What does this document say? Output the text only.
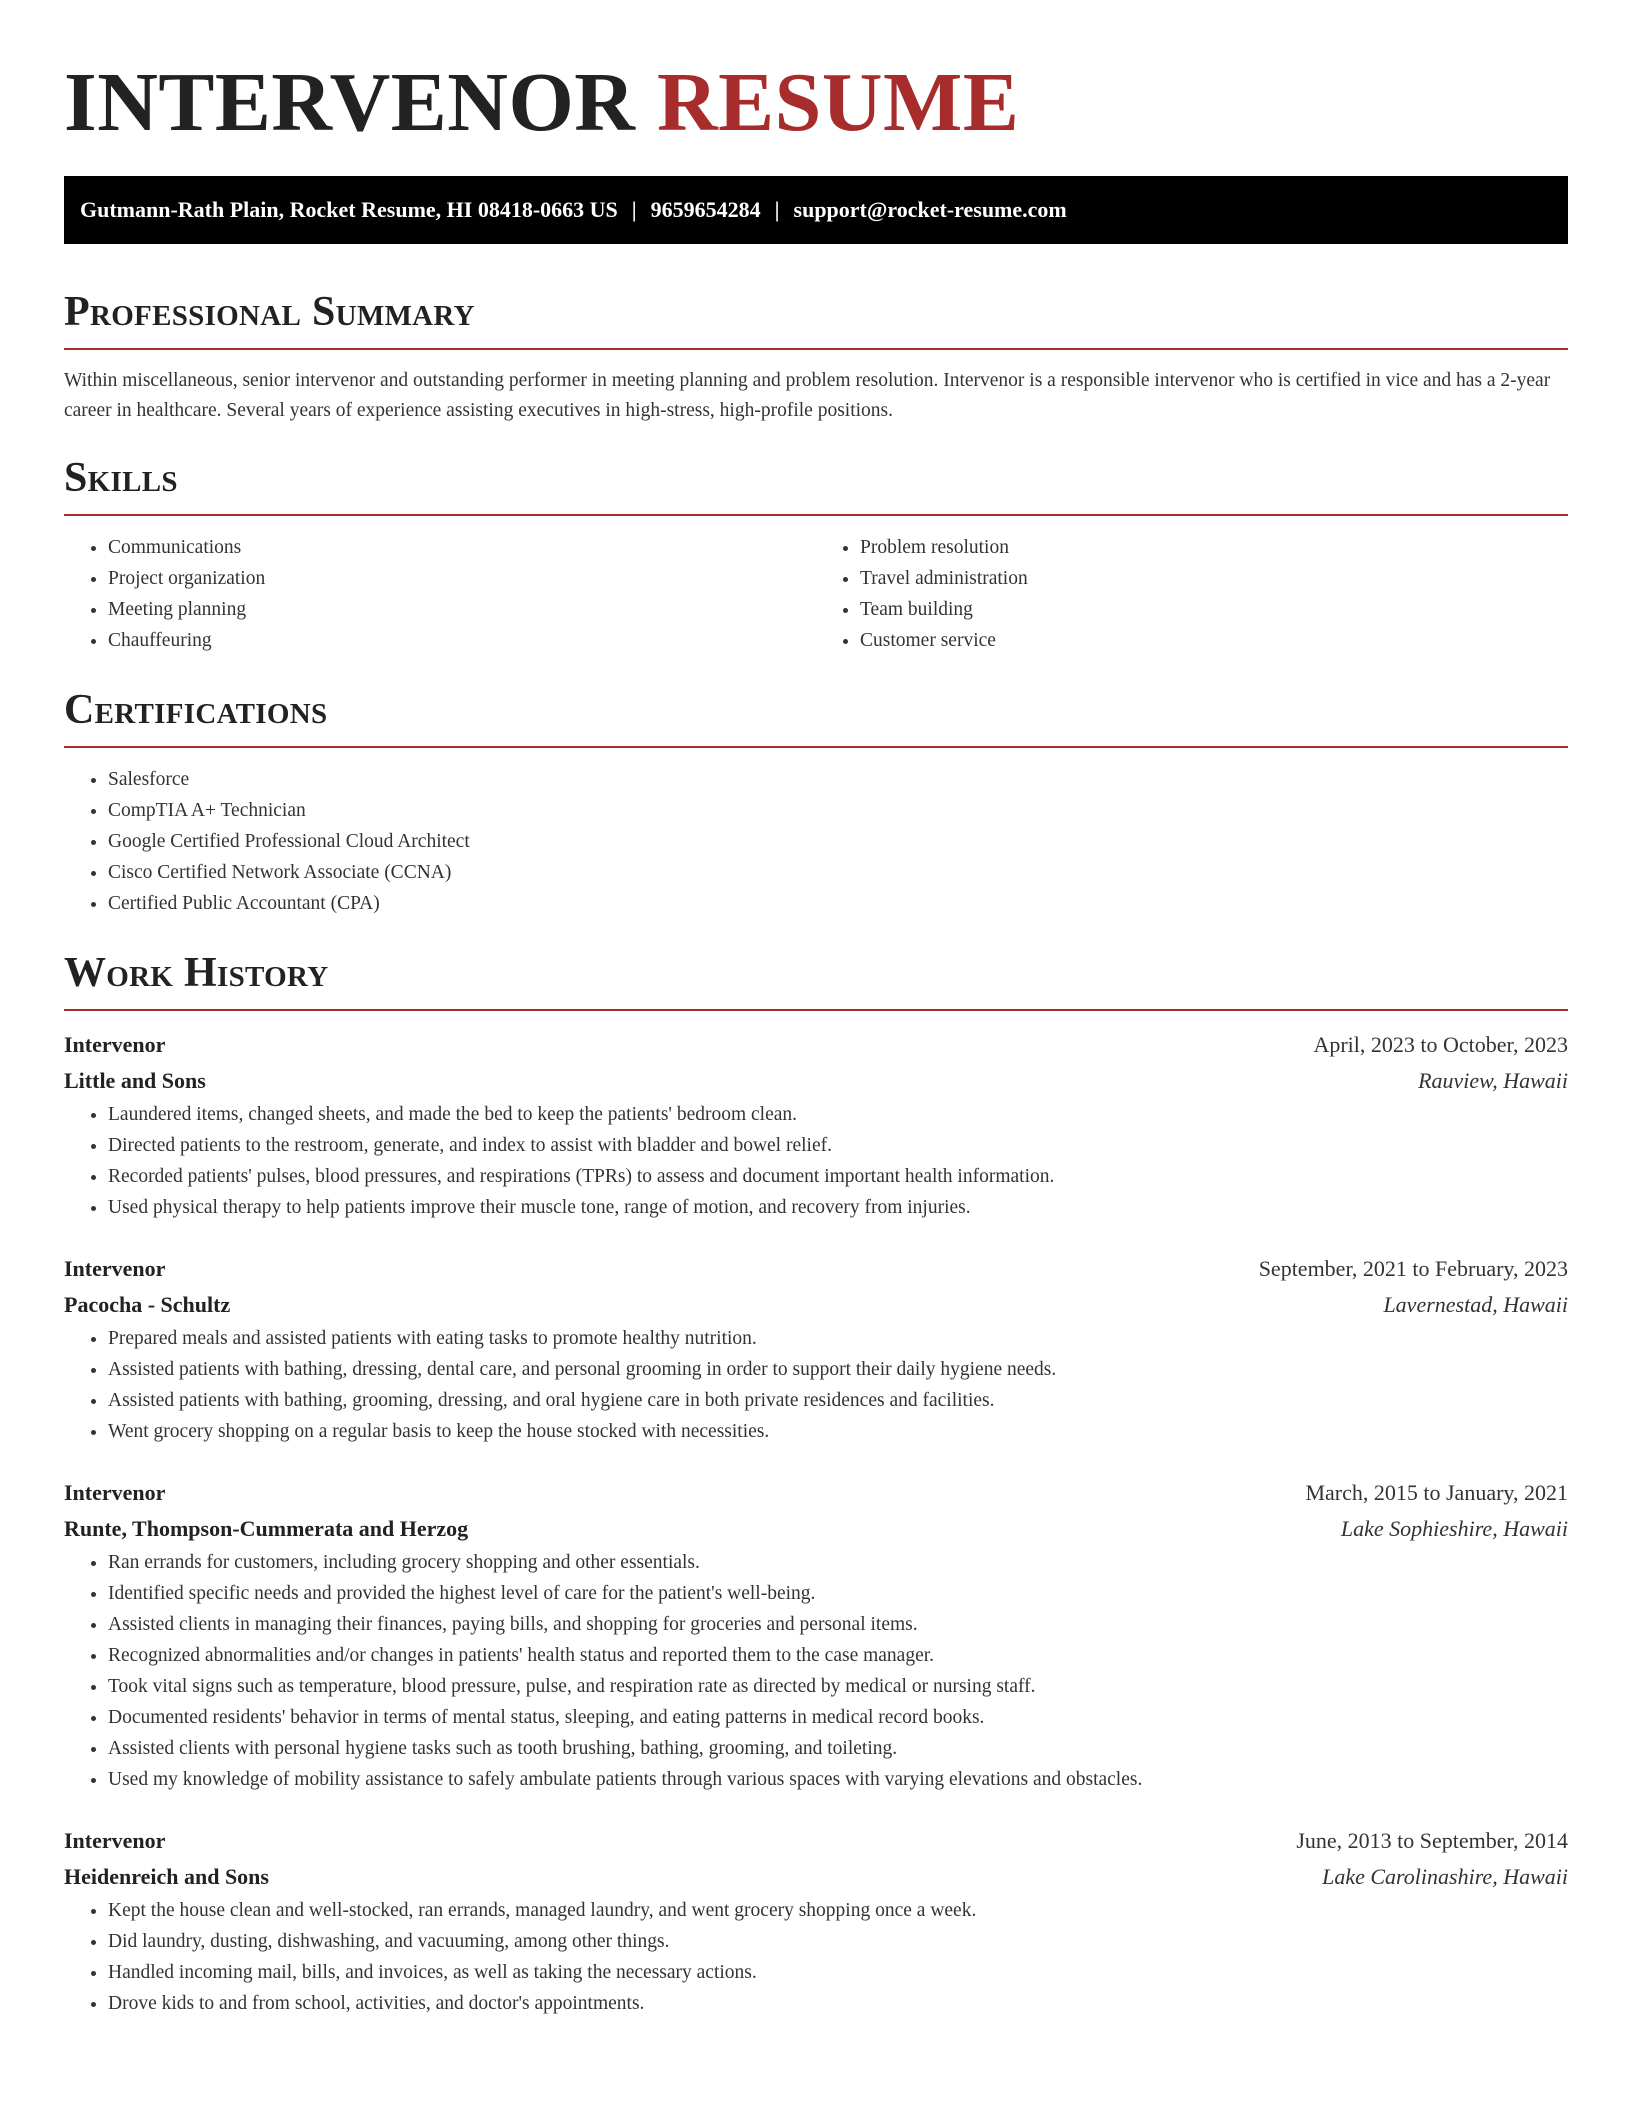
INTERVENOR RESUME
Gutmann-Rath Plain, Rocket Resume, HI 08418-0663 US | 9659654284 | support@rocket-resume.com
Professional Summary

Within miscellaneous, senior intervenor and outstanding performer in meeting planning and problem resolution. Intervenor is a responsible intervenor who is certified in vice and has a 2-year career in healthcare. Several years of experience assisting executives in high-stress, high-profile positions.

Skills
• Communications
• Project organization
• Meeting planning
• Chauffeuring
• Problem resolution
• Travel administration
• Team building
• Customer service
Certifications
• Salesforce
• CompTIA A+ Technician
• Google Certified Professional Cloud Architect
• Cisco Certified Network Associate (CCNA)
• Certified Public Accountant (CPA)
Work History
Intervenor	April, 2023 to October, 2023
Little and Sons	Rauview, Hawaii
• Laundered items, changed sheets, and made the bed to keep the patients' bedroom clean.
• Directed patients to the restroom, generate, and index to assist with bladder and bowel relief.
• Recorded patients' pulses, blood pressures, and respirations (TPRs) to assess and document important health information.
• Used physical therapy to help patients improve their muscle tone, range of motion, and recovery from injuries.
Intervenor	September, 2021 to February, 2023
Pacocha - Schultz	Lavernestad, Hawaii
• Prepared meals and assisted patients with eating tasks to promote healthy nutrition.
• Assisted patients with bathing, dressing, dental care, and personal grooming in order to support their daily hygiene needs.
• Assisted patients with bathing, grooming, dressing, and oral hygiene care in both private residences and facilities.
• Went grocery shopping on a regular basis to keep the house stocked with necessities.
Intervenor	March, 2015 to January, 2021
Runte, Thompson-Cummerata and Herzog	Lake Sophieshire, Hawaii
• Ran errands for customers, including grocery shopping and other essentials.
• Identified specific needs and provided the highest level of care for the patient's well-being.
• Assisted clients in managing their finances, paying bills, and shopping for groceries and personal items.
• Recognized abnormalities and/or changes in patients' health status and reported them to the case manager.
• Took vital signs such as temperature, blood pressure, pulse, and respiration rate as directed by medical or nursing staff.
• Documented residents' behavior in terms of mental status, sleeping, and eating patterns in medical record books.
• Assisted clients with personal hygiene tasks such as tooth brushing, bathing, grooming, and toileting.
• Used my knowledge of mobility assistance to safely ambulate patients through various spaces with varying elevations and obstacles.
Intervenor	June, 2013 to September, 2014
Heidenreich and Sons	Lake Carolinashire, Hawaii
• Kept the house clean and well-stocked, ran errands, managed laundry, and went grocery shopping once a week.
• Did laundry, dusting, dishwashing, and vacuuming, among other things.
• Handled incoming mail, bills, and invoices, as well as taking the necessary actions.
• Drove kids to and from school, activities, and doctor's appointments.
